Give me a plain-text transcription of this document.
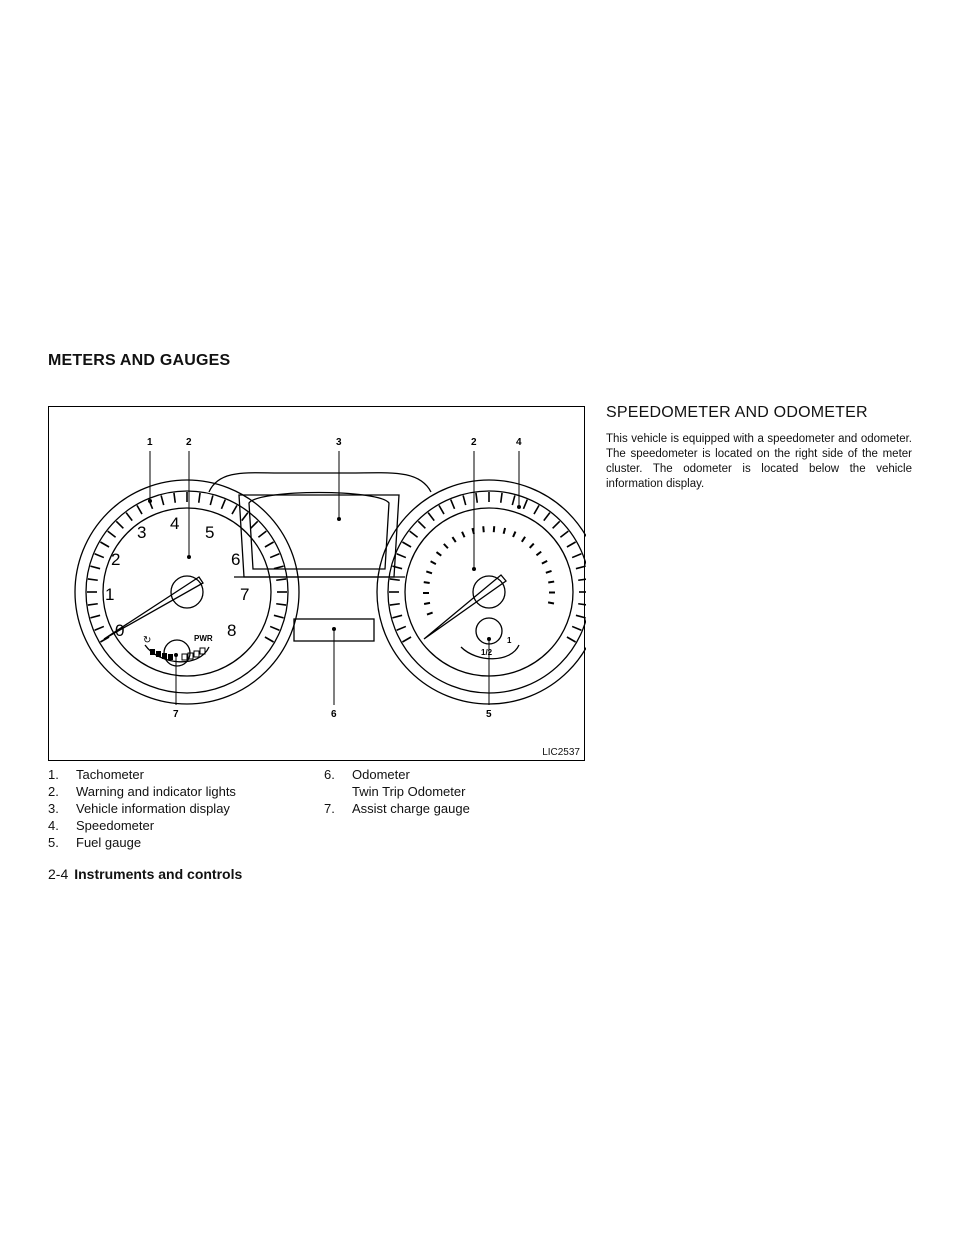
METERS AND GAUGES
0
1
2
3 4 5
6
7
8
PWR
↻
1/2
1
1	2	3	2	4
7	6	5
LIC2537
1.	Tachometer
2.	Warning and indicator lights
3.	Vehicle information display
4.	Speedometer
5.	Fuel gauge
6.	Odometer
Twin Trip Odometer
7.	Assist charge gauge
SPEEDOMETER AND ODOMETER

This vehicle is equipped with a speedometer and odometer. The speedometer is located on the right side of the meter cluster. The odometer is located below the vehicle information display.

2-4 Instruments and controls
